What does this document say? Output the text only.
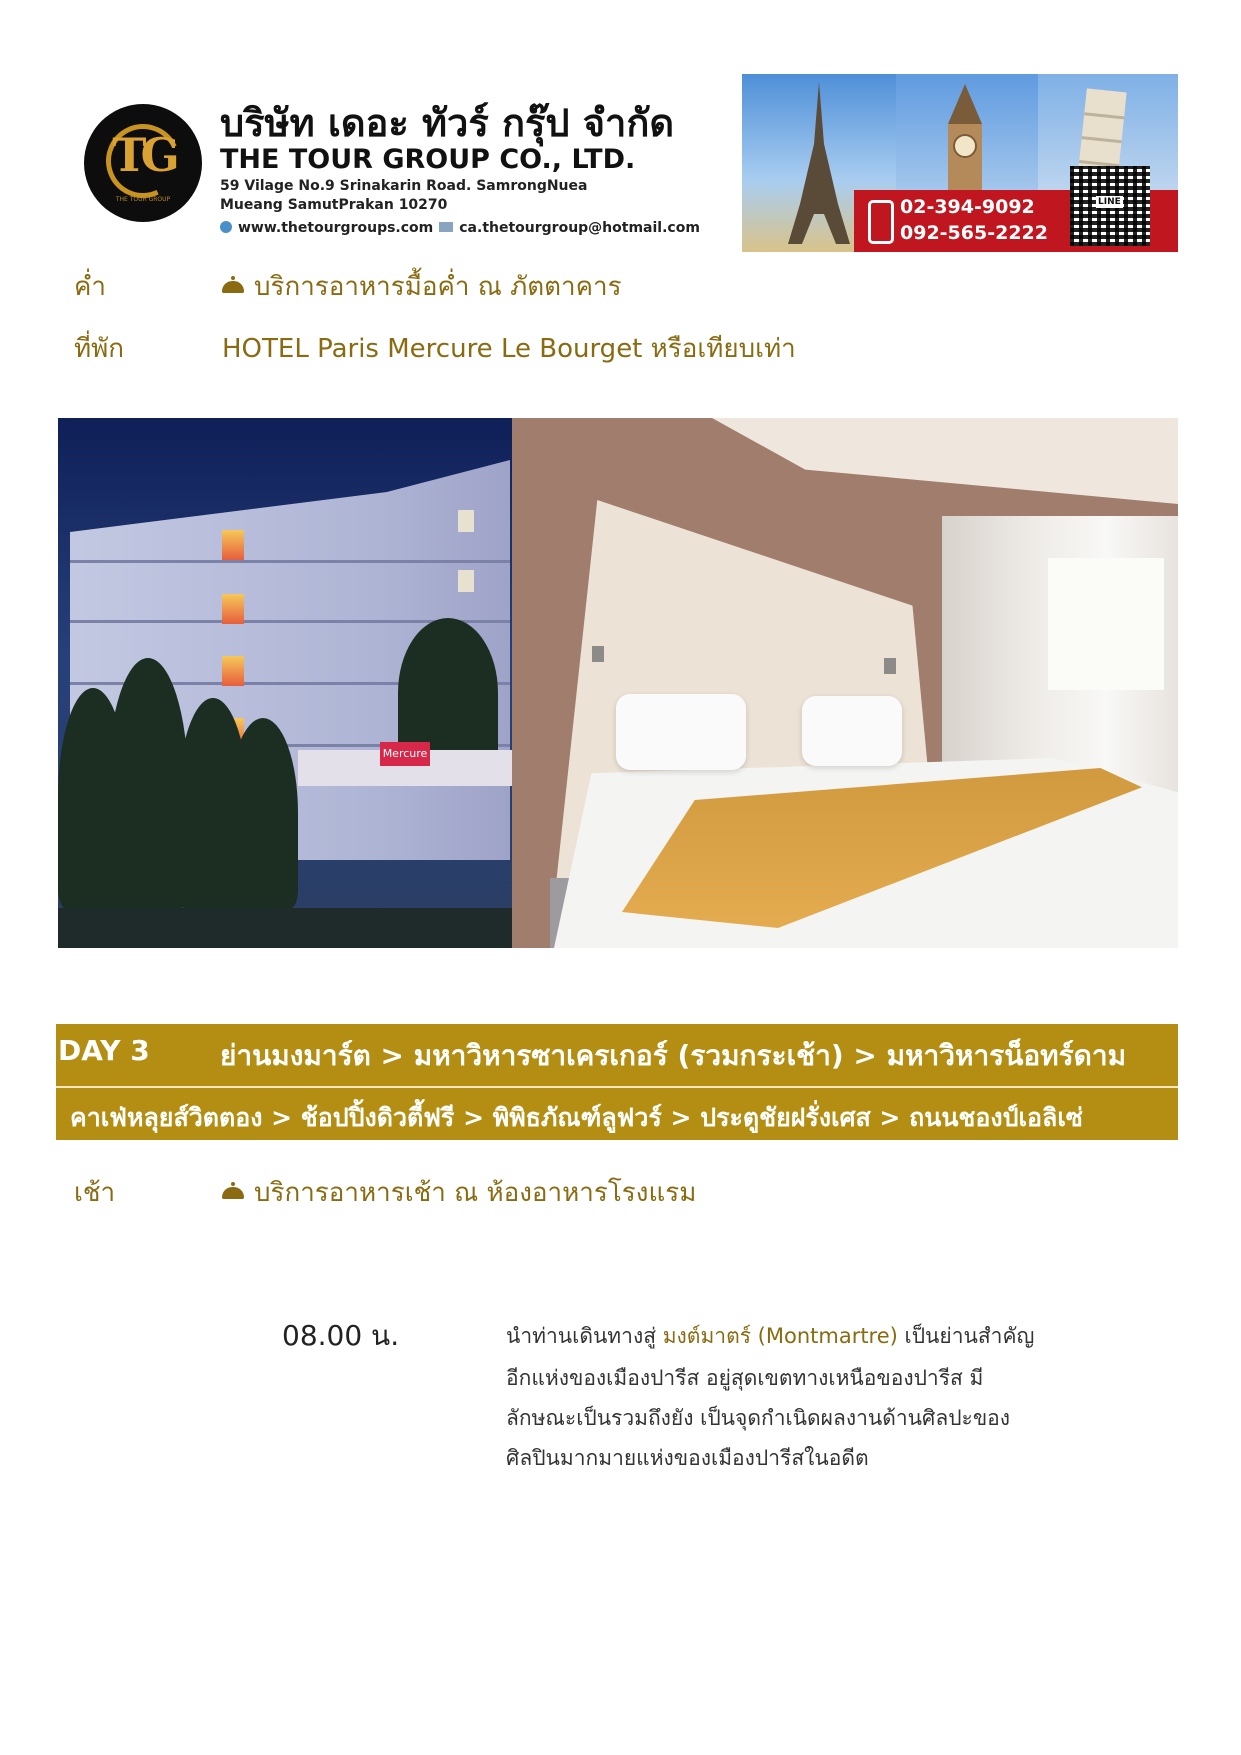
TG
THE TOUR GROUP
บริษัท เดอะ ทัวร์ กรุ๊ป จำกัด
THE TOUR GROUP CO., LTD.
59 Vilage No.9 Srinakarin Road. SamrongNuea
Mueang SamutPrakan 10270
www.thetourgroups.com ca.thetourgroup@hotmail.com
02-394-9092
092-565-2222
LINE
ค่ำ	บริการอาหารมื้อค่ำ ณ ภัตตาคาร
ที่พัก	HOTEL Paris Mercure Le Bourget หรือเทียบเท่า
Mercure
DAY 3	ย่านมงมาร์ต > มหาวิหารซาเครเกอร์ (รวมกระเช้า) > มหาวิหารน็อทร์ดาม
คาเฟ่หลุยส์วิตตอง > ช้อปปิ้งดิวตี้ฟรี > พิพิธภัณฑ์ลูฟวร์ > ประตูชัยฝรั่งเศส > ถนนชองป์เอลิเซ่
เช้า	บริการอาหารเช้า ณ ห้องอาหารโรงแรม
08.00 น.	นำท่านเดินทางสู่ มงต์มาตร์ (Montmartre) เป็นย่านสำคัญ
อีกแห่งของเมืองปารีส อยู่สุดเขตทางเหนือของปารีส มี
ลักษณะเป็นรวมถึงยัง เป็นจุดกำเนิดผลงานด้านศิลปะของ
ศิลปินมากมายแห่งของเมืองปารีสในอดีต
